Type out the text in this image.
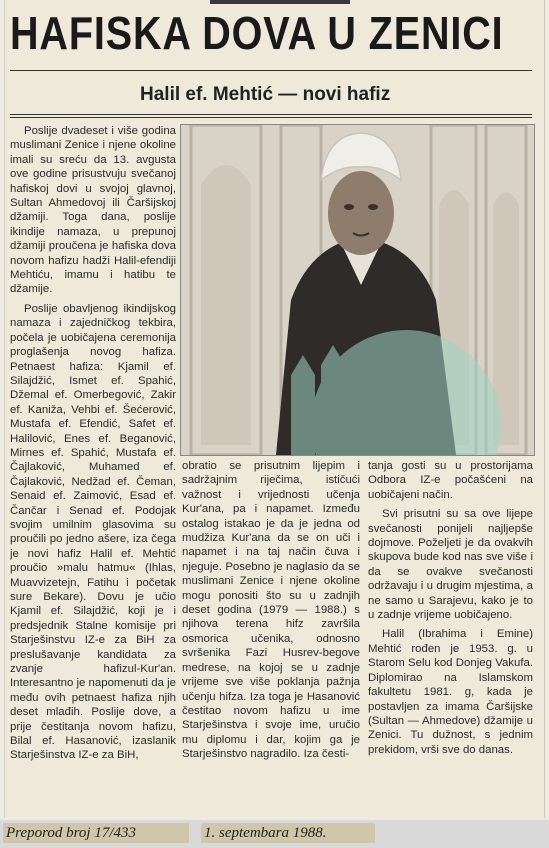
HAFISKA DOVA U ZENICI
Halil ef. Mehtić — novi hafiz

Poslije dvadeset i više godina muslimani Zenice i njene okoline imali su sreću da 13. avgusta ove godine prisustvuju svečanoj hafiskoj dovi u svojoj glavnoj, Sultan Ahmedovoj ili Čaršijskoj džamiji. Toga dana, poslije ikindije namaza, u prepunoj džamiji proučena je hafiska dova novom hafizu hadži Halil-efendiji Mehtiću, imamu i hatibu te džamije.

Poslije obavljenog ikindijskog namaza i zajedničkog tekbira, počela je uobičajena ceremonija proglašenja novog hafiza. Petnaest hafiza: Kjamil ef. Silajdžić, Ismet ef. Spahić, Džemal ef. Omerbegović, Zakir ef. Kaniža, Vehbi ef. Šećerović, Mustafa ef. Efendić, Safet ef. Halilović, Enes ef. Beganović, Mirnes ef. Spahić, Mustafa ef. Čajlaković, Muhamed ef. Čajlaković, Nedžad ef. Čeman, Senaid ef. Zaimović, Esad ef. Čančar i Senad ef. Podojak svojim umilnim glasovima su proučili po jedno ašere, iza čega je novi hafiz Halil ef. Mehtić proučio »malu hatmu« (Ihlas, Muavvizetejn, Fatihu i početak sure Bekare). Dovu je učio Kjamil ef. Silajdžić, koji je i predsjednik Stalne komisije pri Starješinstvu IZ-e za BiH za preslušavanje kandidata za zvanje hafizul-Kur'an. Interesantno je napomenuti da je među ovih petnaest hafiza njih deset mlađih. Poslije dove, a prije čestitanja novom hafizu, Bilal ef. Hasanović, izaslanik Starješinstva IZ-e za BiH,

obratio se prisutnim lijepim i sadržajnim riječima, ističući važnost i vrijednosti učenja Kur'ana, pa i napamet. Između ostalog istakao je da je jedna od mudžiza Kur'ana da se on uči i napamet i na taj način čuva i njeguje. Posebno je naglasio da se muslimani Zenice i njene okoline mogu ponositi što su u zadnjih deset godina (1979 — 1988.) s njihova terena hifz završila osmorica učenika, odnosno svršenika Fazi Husrev-begove medrese, na kojoj se u zadnje vrijeme sve više poklanja pažnja učenju hifza. Iza toga je Hasanović čestitao novom hafizu u ime Starješinstva i svoje ime, uručio mu diplomu i dar, kojim ga je Starješinstvo nagradilo. Iza česti-

tanja gosti su u prostorijama Odbora IZ-e počašćeni na uobičajeni način.

Svi prisutni su sa ove lijepe svečanosti ponijeli najljepše dojmove. Poželjeti je da ovakvih skupova bude kod nas sve više i da se ovakve svečanosti održavaju i u drugim mjestima, a ne samo u Sarajevu, kako je to u zadnje vrijeme uobičajeno.

Halil (Ibrahima i Emine) Mehtić rođen je 1953. g. u Starom Selu kod Donjeg Vakufa. Diplomirao na Islamskom fakultetu 1981. g, kada je postavljen za imama Čaršijske (Sultan — Ahmedove) džamije u Zenici. Tu dužnost, s jednim prekidom, vrši sve do danas.

Preporod broj 17/433	1. septembara 1988.
